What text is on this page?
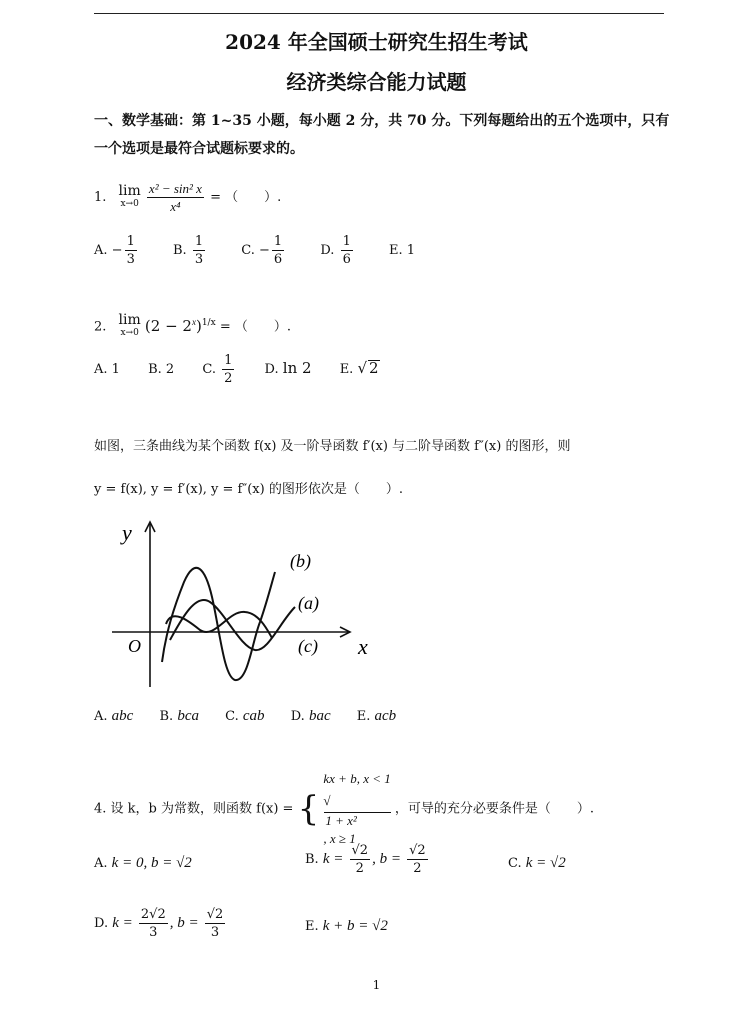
2024 年全国硕士研究生招生考试
经济类综合能力试题
一、数学基础：第 1~35 小题，每小题 2 分，共 70 分。下列每题给出的五个选项中，只有
一个选项是最符合试题标要求的。
1. lim
x→0
$\frac{\text{x² − sin² x}}{\text{x⁴}}$ = （　　）.
A. − $\frac{1}{3}$	B. $\frac{1}{3}$	C. − $\frac{1}{6}$	D. $\frac{1}{6}$	E. 1
2. lim
x→0 $(2 - 2^x)^{1/x}$ = （　　）.
A. 1 B. 2 C. $\frac{1}{2} D$. ln 2 E. √ 2
如图，三条曲线为某个函数 f(x) 及一阶导函数 f′(x) 与二阶导函数 f″(x) 的图形，则
y = f(x), y = f′(x), y = f″(x) 的图形依次是（　　）.
y
x
O
(b)
(a)
(c)
A. abc B. bca C. cab D. bac E. acb
4. 设 k，b 为常数，则函数 f(x) = {
kx + b, x < 1
√
1 + x²
, x ≥ 1
，可导的充分必要条件是（　　）.
A. k = 0, b = √2	B. $k = \frac{√2}{2}$ , $b = \frac{√2}{2}$	C. k = √2
D. $k = \frac{2√2}{3}$ , $b = \frac{√2}{3}$	E. k + b = √2
1
